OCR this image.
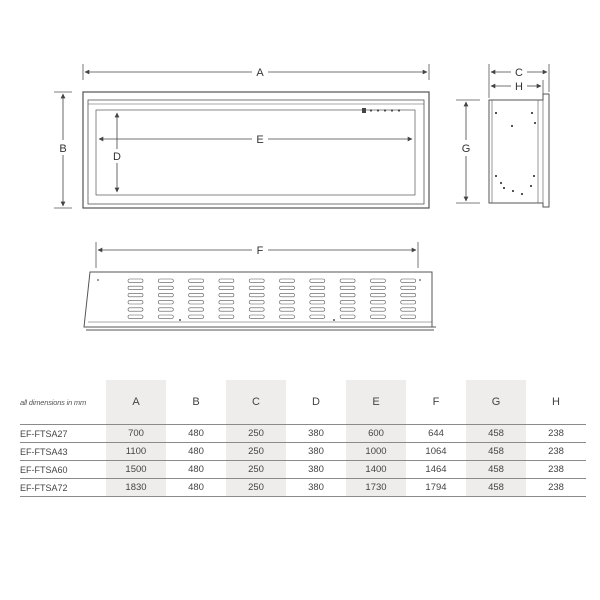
A
B
E
D
C
H
G
F
all dimensions in mm	A	B	C	D	E	F	G	H
EF-FTSA27	700	480	250	380	600	644	458	238
EF-FTSA43	1100	480	250	380	1000	1064	458	238
EF-FTSA60	1500	480	250	380	1400	1464	458	238
EF-FTSA72	1830	480	250	380	1730	1794	458	238
